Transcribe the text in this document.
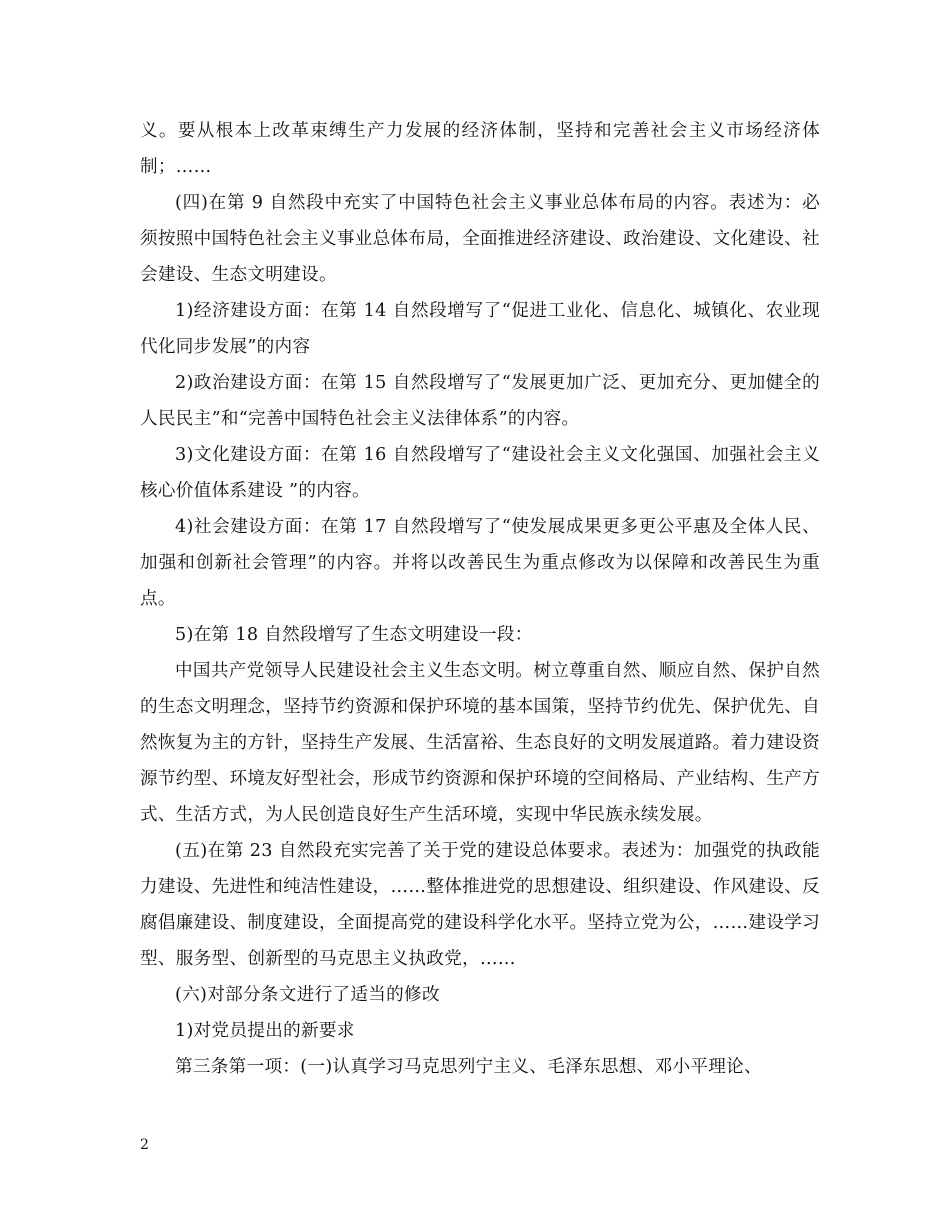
义。要从根本上改革束缚生产力发展的经济体制，坚持和完善社会主义市场经济体制；……

(四)在第 9 自然段中充实了中国特色社会主义事业总体布局的内容。表述为：必须按照中国特色社会主义事业总体布局，全面推进经济建设、政治建设、文化建设、社会建设、生态文明建设。

1)经济建设方面：在第 14 自然段增写了“促进工业化、信息化、城镇化、农业现代化同步发展”的内容

2)政治建设方面：在第 15 自然段增写了“发展更加广泛、更加充分、更加健全的人民民主”和“完善中国特色社会主义法律体系”的内容。

3)文化建设方面：在第 16 自然段增写了“建设社会主义文化强国、加强社会主义核心价值体系建设 ”的内容。

4)社会建设方面：在第 17 自然段增写了“使发展成果更多更公平惠及全体人民、加强和创新社会管理”的内容。并将以改善民生为重点修改为以保障和改善民生为重点。

5)在第 18 自然段增写了生态文明建设一段：

中国共产党领导人民建设社会主义生态文明。树立尊重自然、顺应自然、保护自然的生态文明理念，坚持节约资源和保护环境的基本国策，坚持节约优先、保护优先、自然恢复为主的方针，坚持生产发展、生活富裕、生态良好的文明发展道路。着力建设资源节约型、环境友好型社会，形成节约资源和保护环境的空间格局、产业结构、生产方式、生活方式，为人民创造良好生产生活环境，实现中华民族永续发展。

(五)在第 23 自然段充实完善了关于党的建设总体要求。表述为：加强党的执政能力建设、先进性和纯洁性建设，……整体推进党的思想建设、组织建设、作风建设、反腐倡廉建设、制度建设，全面提高党的建设科学化水平。坚持立党为公，……建设学习型、服务型、创新型的马克思主义执政党，……

(六)对部分条文进行了适当的修改

1)对党员提出的新要求

第三条第一项：(一)认真学习马克思列宁主义、毛泽东思想、邓小平理论、

2
